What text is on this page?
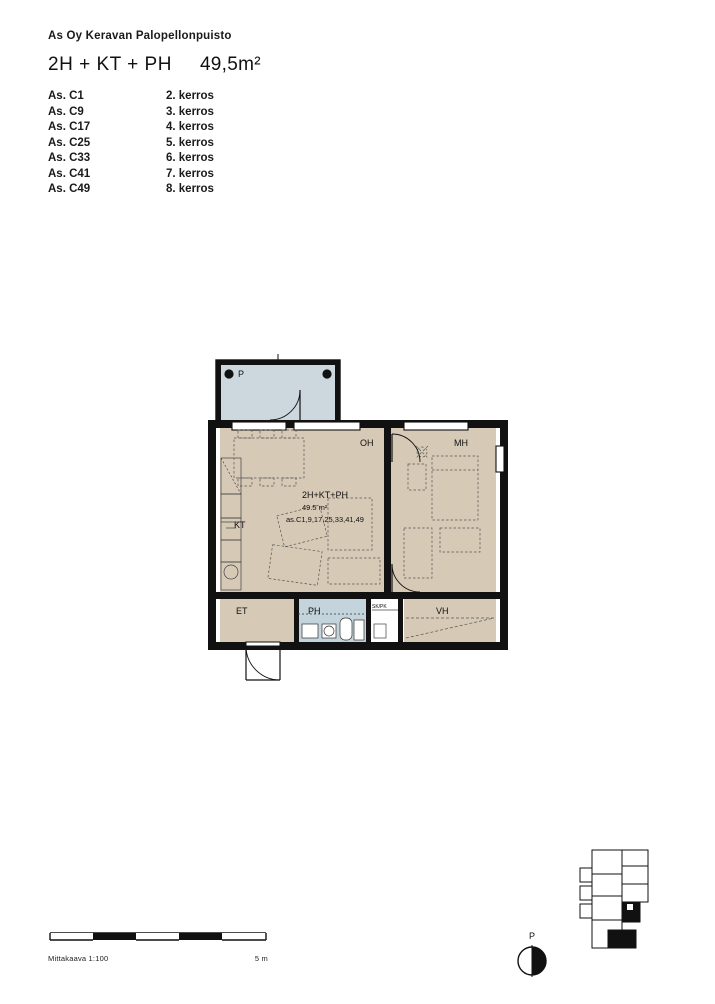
As Oy Keravan Palopellonpuisto
2H + KT + PH 49,5m²
As. C1	2. kerros
As. C9	3. kerros
As. C17	4. kerros
As. C25	5. kerros
As. C33	6. kerros
As. C41	7. kerros
As. C49	8. kerros
P
OH	MH
KT
ET	PH	VH
SK/PK
2H+KT+PH
49.5 m²
as.C1,9,17,25,33,41,49
Mittakaava 1:100	5 m
P
